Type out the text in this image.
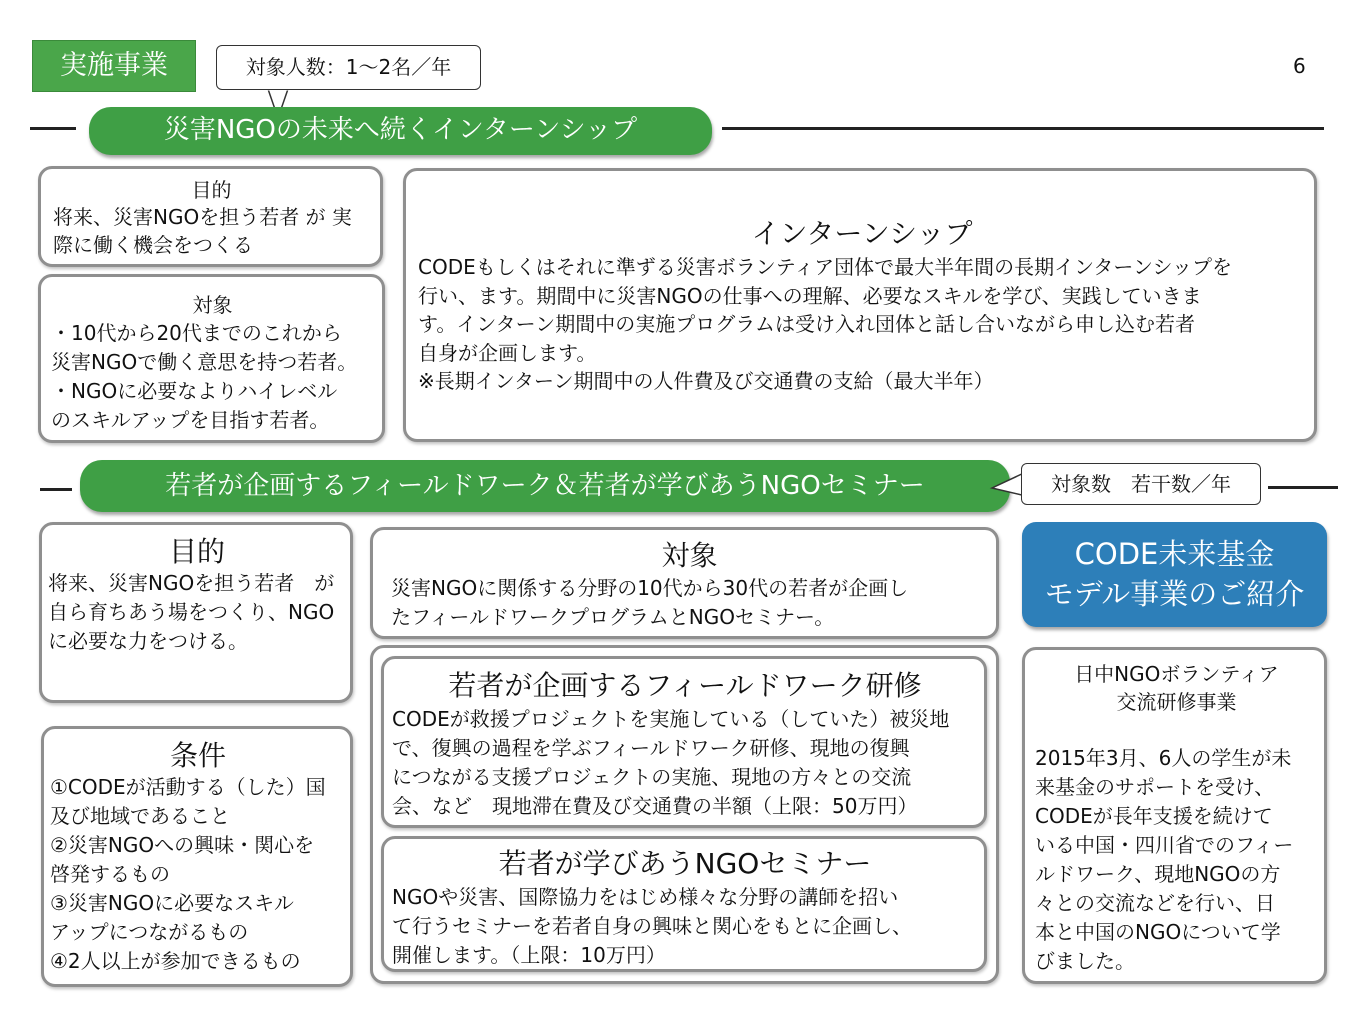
実施事業	対象人数：1～2名／年	6
災害NGOの未来へ続くインターンシップ
目的
将来、災害NGOを担う若者 が 実
際に働く機会をつくる
対象
・10代から20代までのこれから
災害NGOで働く意思を持つ若者。
・NGOに必要なよりハイレベル
のスキルアップを目指す若者。
インターンシップ
CODEもしくはそれに準ずる災害ボランティア団体で最大半年間の長期インターンシップを
行い、ます。期間中に災害NGOの仕事への理解、必要なスキルを学び、実践していきま
す。インターン期間中の実施プログラムは受け入れ団体と話し合いながら申し込む若者
自身が企画します。
※長期インターン期間中の人件費及び交通費の支給（最大半年）
若者が企画するフィールドワーク＆若者が学びあうNGOセミナー	対象数　若干数／年
目的
将来、災害NGOを担う若者　が
自ら育ちあう場をつくり、NGO
に必要な力をつける。
条件
①CODEが活動する（した）国
及び地域であること
②災害NGOへの興味・関心を
啓発するもの
③災害NGOに必要なスキル
アップにつながるもの
④2人以上が参加できるもの
対象
災害NGOに関係する分野の10代から30代の若者が企画し
たフィールドワークプログラムとNGOセミナー。
若者が企画するフィールドワーク研修
CODEが救援プロジェクトを実施している（していた）被災地
で、復興の過程を学ぶフィールドワーク研修、現地の復興
につながる支援プロジェクトの実施、現地の方々との交流
会、など　現地滞在費及び交通費の半額（上限：50万円）
若者が学びあうNGOセミナー
NGOや災害、国際協力をはじめ様々な分野の講師を招い
て行うセミナーを若者自身の興味と関心をもとに企画し、
開催します。（上限：10万円）
CODE未来基金
モデル事業のご紹介
日中NGOボランティア
交流研修事業
2015年3月、6人の学生が未
来基金のサポートを受け、
CODEが長年支援を続けて
いる中国・四川省でのフィー
ルドワーク、現地NGOの方
々との交流などを行い、日
本と中国のNGOについて学
びました。
